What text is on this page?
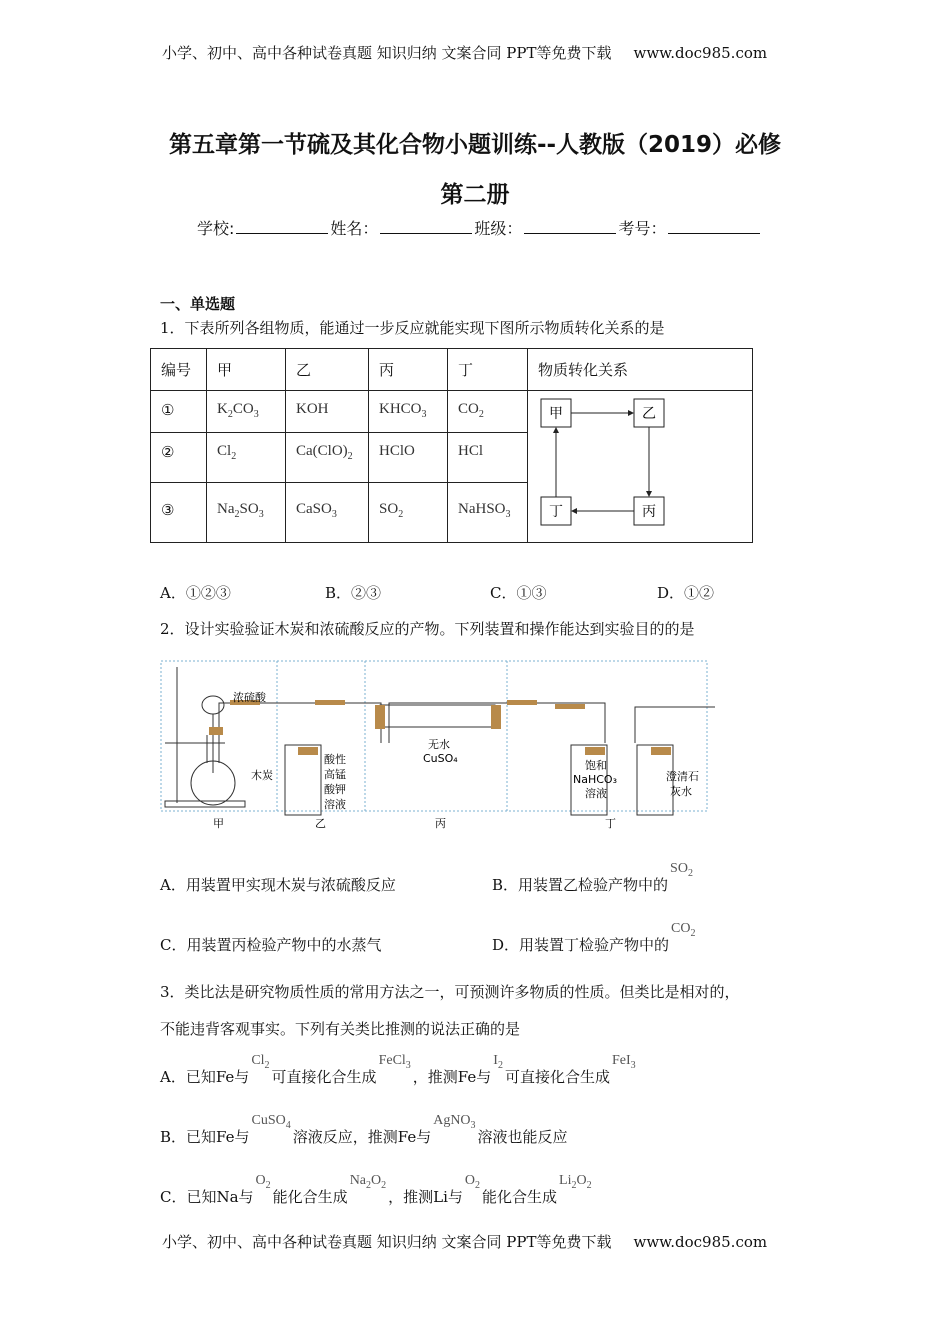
小学、初中、高中各种试卷真题 知识归纳 文案合同 PPT等免费下载 www.doc985.com
第五章第一节硫及其化合物小题训练--人教版（2019）必修
第二册
学校:	姓名：	班级：	考号：
一、单选题
1．下表所列各组物质，能通过一步反应就能实现下图所示物质转化关系的是
编号	甲	乙	丙	丁	物质转化关系
①	$K_2CO_3$	KOH	$KHCO_3$	$CO_2$	甲 乙
丙
丁

②	$Cl_2$	$Ca(ClO)_2$	HClO	HCl	
③	$Na_2SO_3$	CaSO$_3$	$SO_2$	NaHSO$_3$
A．①②③	B．②③	C．①③	D．①②
2．设计实验验证木炭和浓硫酸反应的产物。下列装置和操作能达到实验目的的是
浓硫酸
木炭
酸性
高锰
酸钾
溶液
无水
CuSO₄
饱和
NaHCO₃
溶液
澄清石
灰水
甲	乙	丙	丁
A．用装置甲实现木炭与浓硫酸反应	B．用装置乙检验产物中的$SO_2$
C．用装置丙检验产物中的水蒸气	D．用装置丁检验产物中的$CO_2$
3．类比法是研究物质性质的常用方法之一，可预测许多物质的性质。但类比是相对的，
不能违背客观事实。下列有关类比推测的说法正确的是
A．已知Fe与$Cl_2$可直接化合生成FeCl$_3$，推测Fe与$I_2$可直接化合生成FeI$_3$
B．已知Fe与CuSO$_4$溶液反应，推测Fe与AgNO$_3$溶液也能反应
C．已知Na与$O_2$能化合生成$Na_2O_2$，推测Li与$O_2$能化合生成$Li_2O_2$
小学、初中、高中各种试卷真题 知识归纳 文案合同 PPT等免费下载 www.doc985.com
